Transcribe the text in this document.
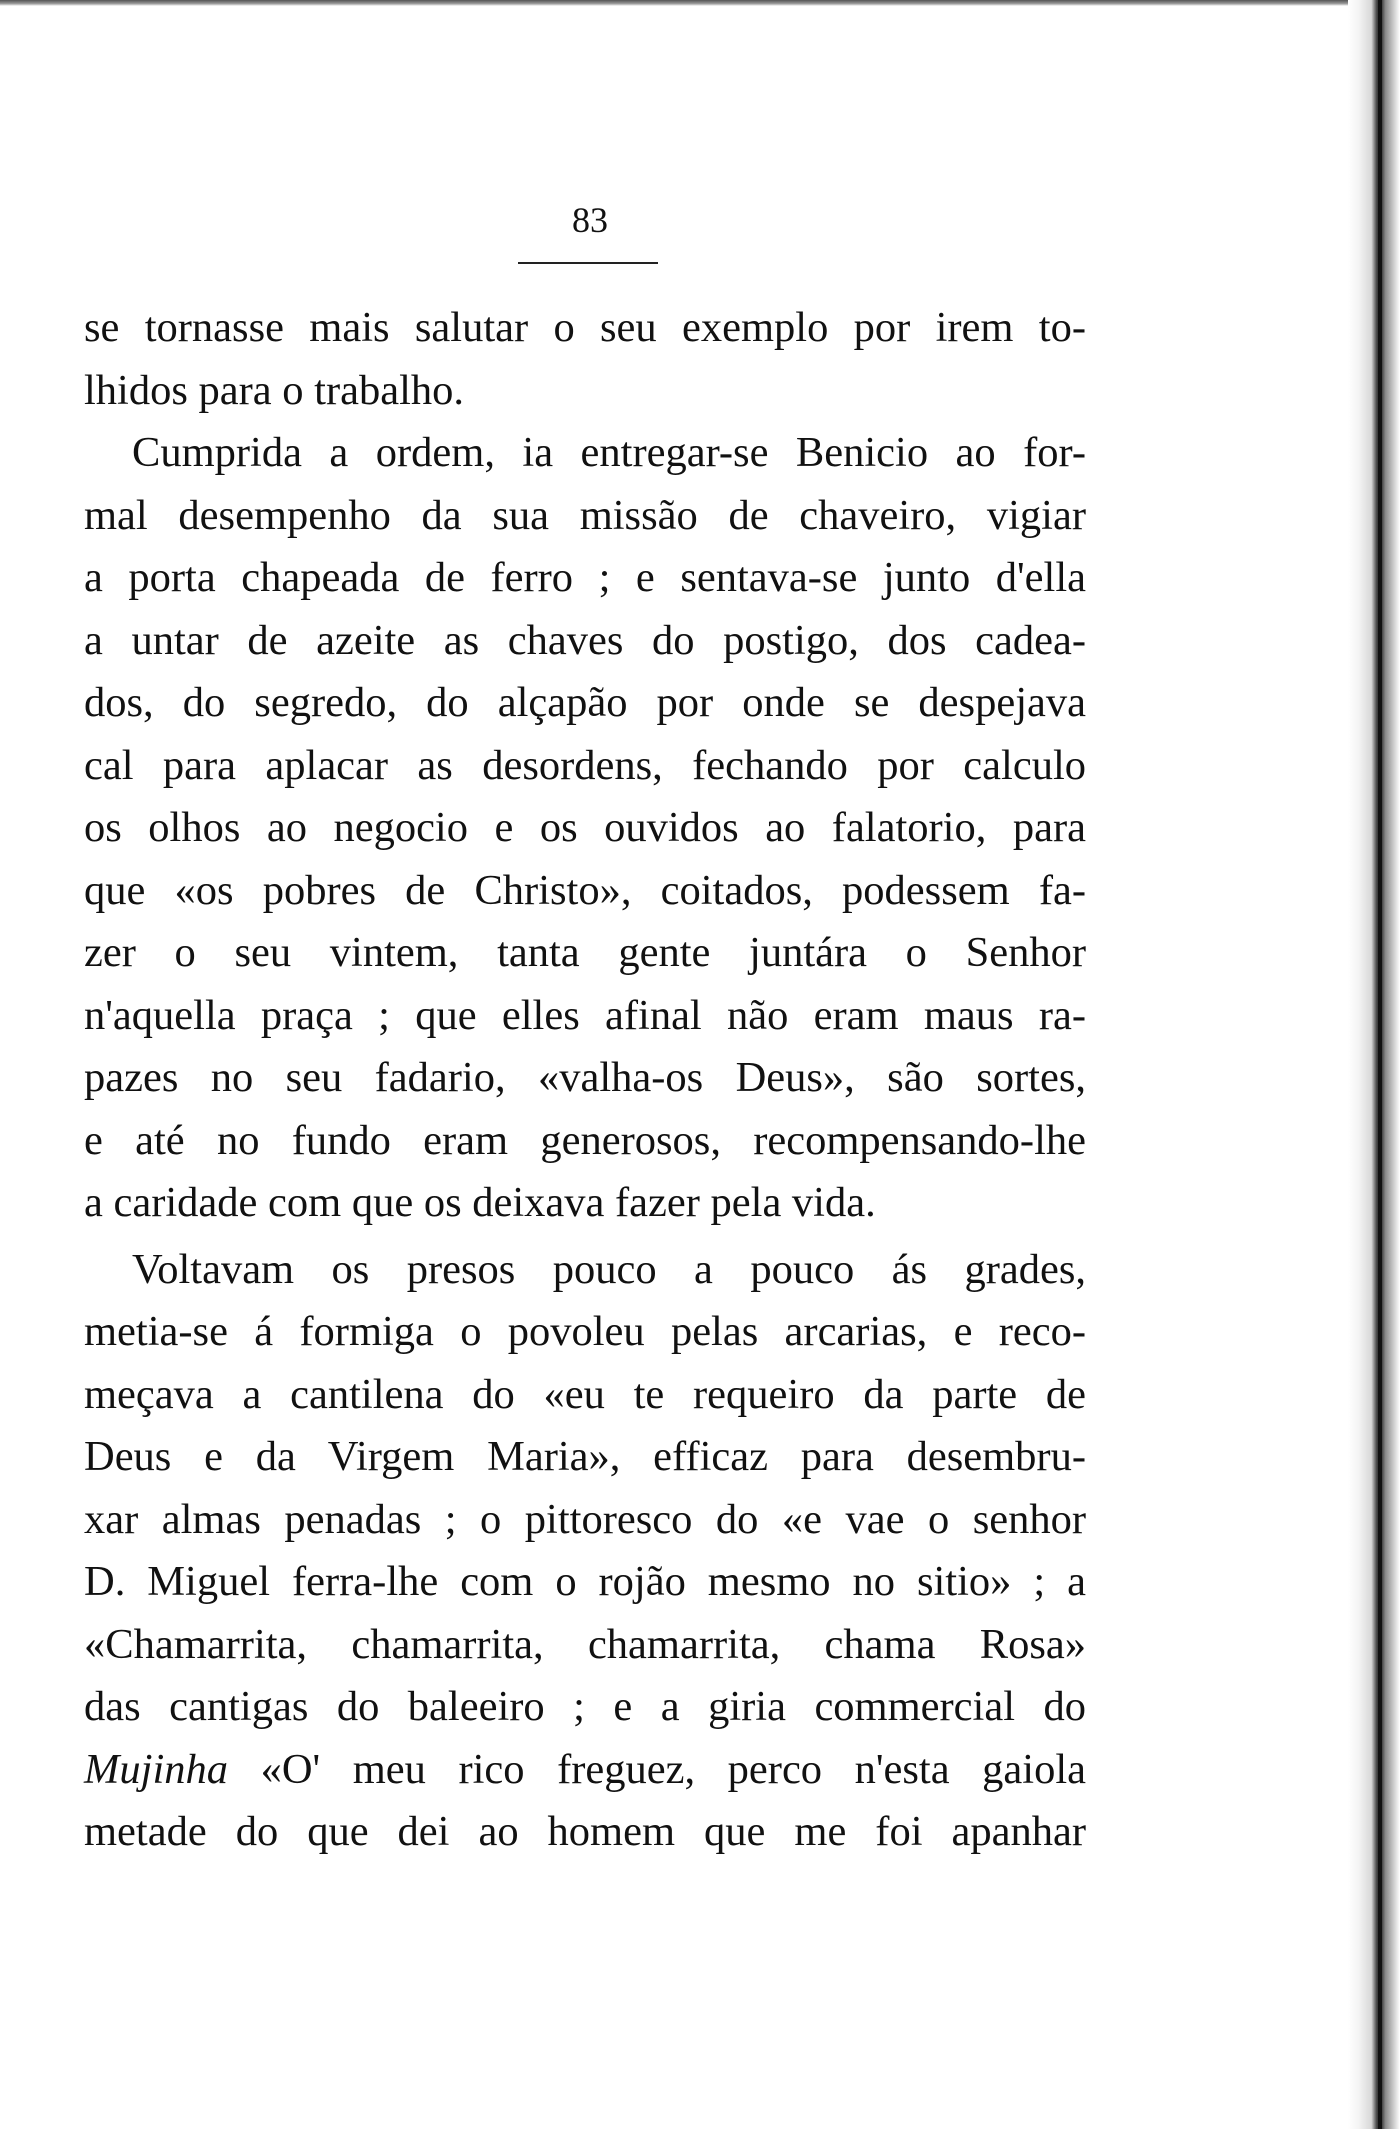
83
se tornasse mais salutar o seu exemplo por irem to-
lhidos para o trabalho.
Cumprida a ordem, ia entregar-se Benicio ao for-
mal desempenho da sua missão de chaveiro, vigiar
a porta chapeada de ferro ; e sentava-se junto d'ella
a untar de azeite as chaves do postigo, dos cadea-
dos, do segredo, do alçapão por onde se despejava
cal para aplacar as desordens, fechando por calculo
os olhos ao negocio e os ouvidos ao falatorio, para
que «os pobres de Christo», coitados, podessem fa-
zer o seu vintem, tanta gente juntára o Senhor
n'aquella praça ; que elles afinal não eram maus ra-
pazes no seu fadario, «valha-os Deus», são sortes,
e até no fundo eram generosos, recompensando-lhe
a caridade com que os deixava fazer pela vida.
Voltavam os presos pouco a pouco ás grades,
metia-se á formiga o povoleu pelas arcarias, e reco-
meçava a cantilena do «eu te requeiro da parte de
Deus e da Virgem Maria», efficaz para desembru-
xar almas penadas ; o pittoresco do «e vae o senhor
D. Miguel ferra-lhe com o rojão mesmo no sitio» ; a
«Chamarrita, chamarrita, chamarrita, chama Rosa»
das cantigas do baleeiro ; e a giria commercial do
Mujinha «O' meu rico freguez, perco n'esta gaiola
metade do que dei ao homem que me foi apanhar
